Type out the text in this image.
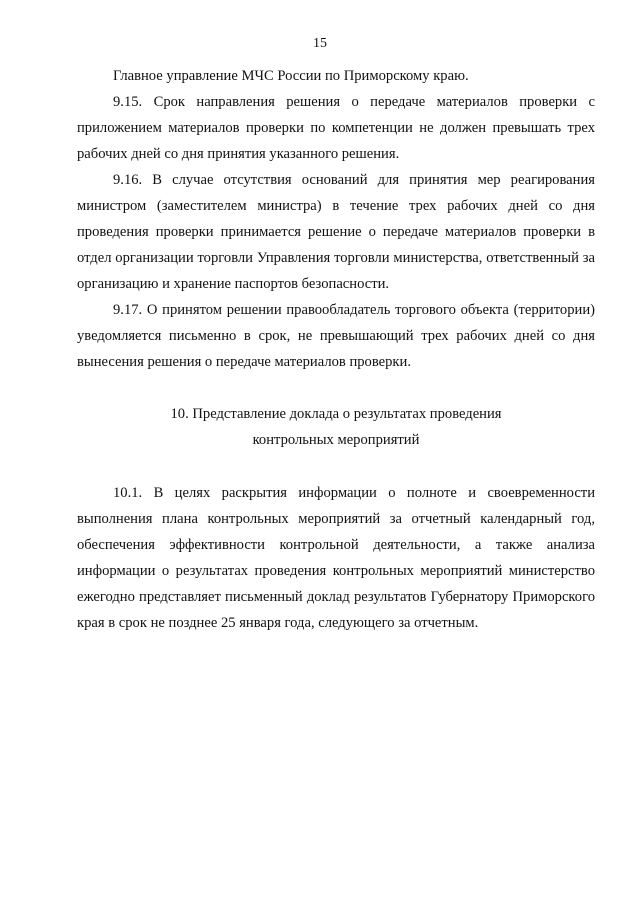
15

Главное управление МЧС России по Приморскому краю.

9.15. Срок направления решения о передаче материалов проверки с приложением материалов проверки по компетенции не должен превышать трех рабочих дней со дня принятия указанного решения.

9.16. В случае отсутствия оснований для принятия мер реагирования министром (заместителем министра) в течение трех рабочих дней со дня проведения проверки принимается решение о передаче материалов проверки в отдел организации торговли Управления торговли министерства, ответственный за организацию и хранение паспортов безопасности.

9.17. О принятом решении правообладатель торгового объекта (территории) уведомляется письменно в срок, не превышающий трех рабочих дней со дня вынесения решения о передаче материалов проверки.

10. Представление доклада о результатах проведения
контрольных мероприятий

10.1. В целях раскрытия информации о полноте и своевременности выполнения плана контрольных мероприятий за отчетный календарный год, обеспечения эффективности контрольной деятельности, а также анализа информации о результатах проведения контрольных мероприятий министерство ежегодно представляет письменный доклад результатов Губернатору Приморского края в срок не позднее 25 января года, следующего за отчетным.
